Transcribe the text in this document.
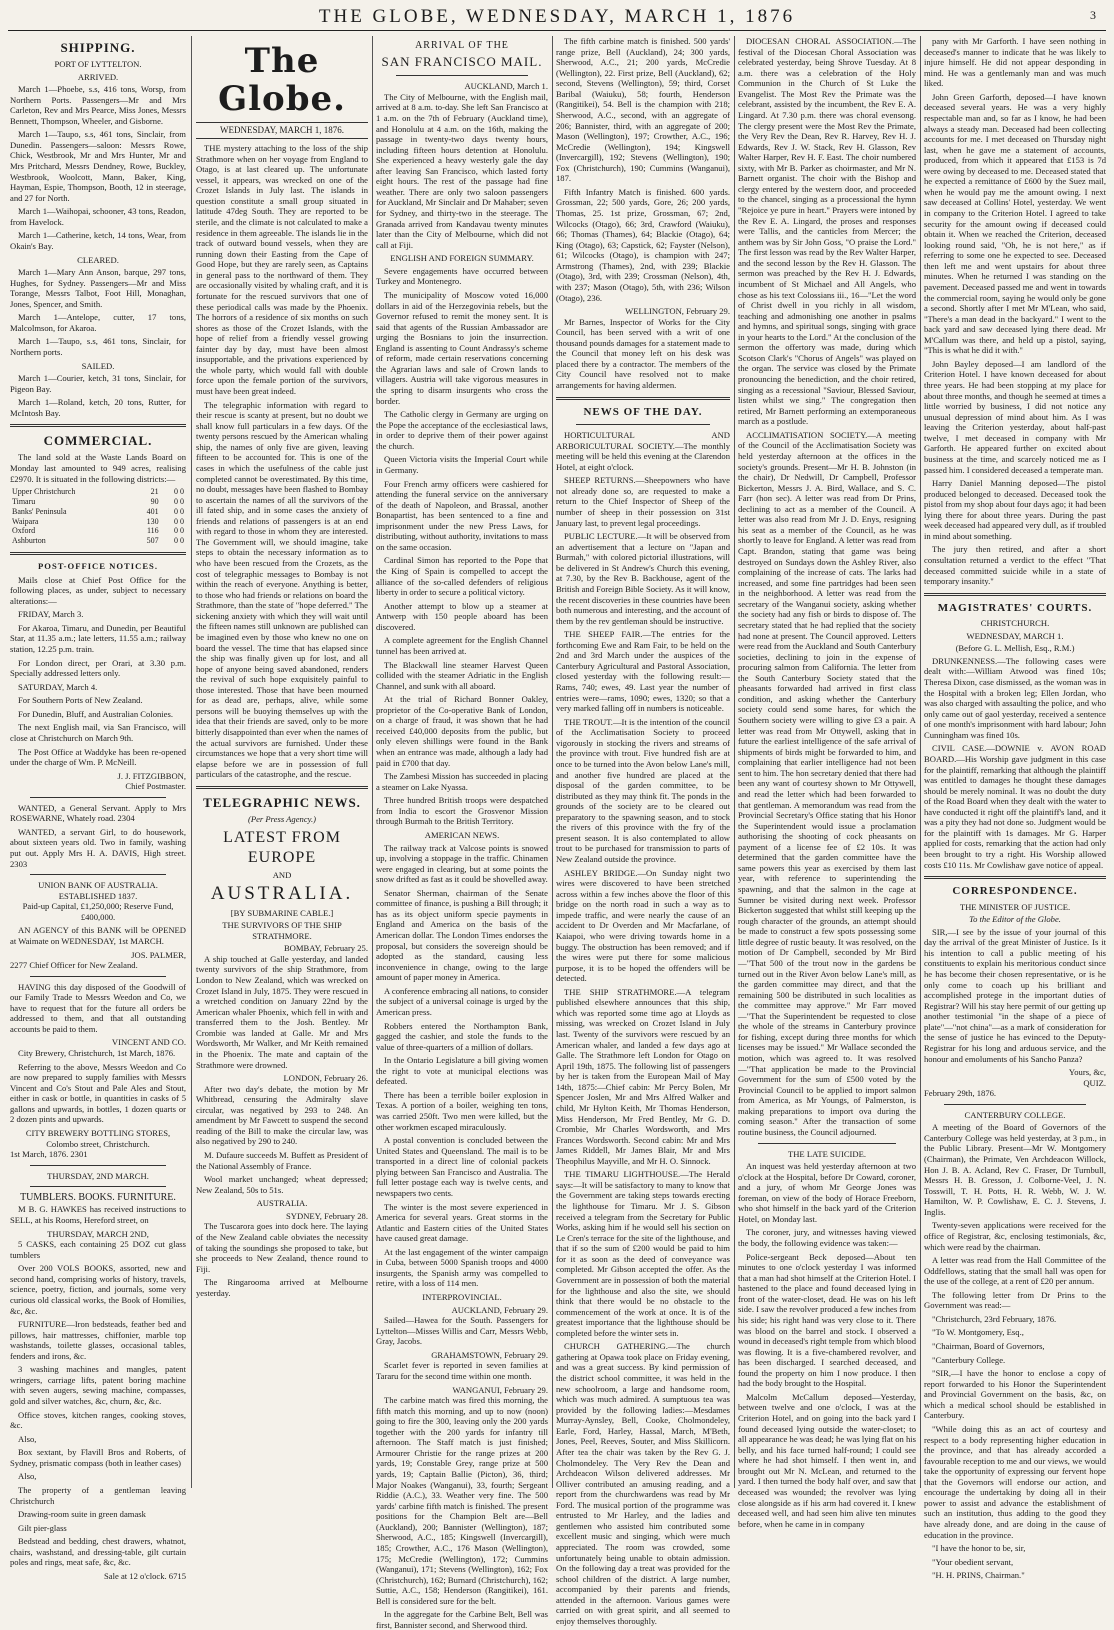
THE GLOBE, WEDNESDAY, MARCH 1, 1876	3
SHIPPING.
PORT OF LYTTELTON.
ARRIVED.

March 1—Phoebe, s.s, 416 tons, Worsp, from Northern Ports. Passengers—Mr and Mrs Carleton, Rev and Mrs Pearce, Miss Jones, Messrs Bennett, Thompson, Wheeler, and Gisborne.

March 1—Taupo, s.s, 461 tons, Sinclair, from Dunedin. Passengers—saloon: Messrs Rowe, Chick, Westbrook, Mr and Mrs Hunter, Mr and Mrs Pritchard, Messrs Dendney, Rowe, Buckley, Westbrook, Woolcott, Mann, Baker, King, Hayman, Espie, Thompson, Booth, 12 in steerage, and 27 for North.

March 1—Waihopai, schooner, 43 tons, Readon, from Havelock.

March 1—Catherine, ketch, 14 tons, Wear, from Okain's Bay.

CLEARED.

March 1—Mary Ann Anson, barque, 297 tons, Hughes, for Sydney. Passengers—Mr and Miss Torange, Messrs Talbot, Foot Hill, Monaghan, Jones, Spencer, and Smith.

March 1—Antelope, cutter, 17 tons, Malcolmson, for Akaroa.

March 1—Taupo, s.s, 461 tons, Sinclair, for Northern ports.

SAILED.

March 1—Courier, ketch, 31 tons, Sinclair, for Pigeon Bay.

March 1—Roland, ketch, 20 tons, Rutter, for McIntosh Bay.

COMMERCIAL.

The land sold at the Waste Lands Board on Monday last amounted to 949 acres, realising £2970. It is situated in the following districts:—

Upper Christchurch	21	0 0
Timaru	90	0 0
Banks' Peninsula	401	0 0
Waipara	130	0 0
Oxford	116	0 0
Ashburton	507	0 0
POST-OFFICE NOTICES.

Mails close at Chief Post Office for the following places, as under, subject to necessary alterations:—

FRIDAY, March 3.

For Akaroa, Timaru, and Dunedin, per Beautiful Star, at 11.35 a.m.; late letters, 11.55 a.m.; railway station, 12.25 p.m. train.

For London direct, per Orari, at 3.30 p.m. Specially addressed letters only.

SATURDAY, March 4.

For Southern Ports of New Zealand.

For Dunedin, Bluff, and Australian Colonies.

The next English mail, via San Francisco, will close at Christchurch on March 9th.

The Post Office at Waddyke has been re-opened under the charge of Wm. P. McNeill.

J. J. FITZGIBBON,
Chief Postmaster.

WANTED, a General Servant. Apply to Mrs ROSEWARNE, Whately road. 2304

WANTED, a servant Girl, to do housework, about sixteen years old. Two in family, washing put out. Apply Mrs H. A. DAVIS, High street. 2303

UNION BANK OF AUSTRALIA.
ESTABLISHED 1837.

Paid-up Capital, £1,250,000; Reserve Fund, £400,000.

AN AGENCY of this BANK will be OPENED at Waimate on WEDNESDAY, 1st MARCH.

JOS. PALMER,
2277 Chief Officer for New Zealand.

HAVING this day disposed of the Goodwill of our Family Trade to Messrs Weedon and Co, we have to request that for the future all orders be addressed to them, and that all outstanding accounts be paid to them.

VINCENT AND CO.

City Brewery, Christchurch, 1st March, 1876.

Referring to the above, Messrs Weedon and Co are now prepared to supply families with Messrs Vincent and Co's Stout and Pale Ales and Stout, either in cask or bottle, in quantities in casks of 5 gallons and upwards, in bottles, 1 dozen quarts or 2 dozen pints and upwards.

CITY BREWERY BOTTLING STORES,
Colombo street, Christchurch.
1st March, 1876. 2301
THURSDAY, 2ND MARCH.
TUMBLERS. BOOKS. FURNITURE.

M B. G. HAWKES has received instructions to SELL, at his Rooms, Hereford street, on

THURSDAY, MARCH 2ND,

5 CASKS, each containing 25 DOZ cut glass tumblers

Over 200 VOLS BOOKS, assorted, new and second hand, comprising works of history, travels, science, poetry, fiction, and journals, some very curious old classical works, the Book of Homilies, &c, &c.

FURNITURE—Iron bedsteads, feather bed and pillows, hair mattresses, chiffonier, marble top washstands, toilette glasses, occasional tables, fenders and irons, &c.

3 washing machines and mangles, patent wringers, carriage lifts, patent boring machine with seven augers, sewing machine, compasses, gold and silver watches, &c, churn, &c, &c.

Office stoves, kitchen ranges, cooking stoves, &c.

Also,

Box sextant, by Flavill Bros and Roberts, of Sydney, prismatic compass (both in leather cases)

Also,

The property of a gentleman leaving Christchurch

Drawing-room suite in green damask

Gilt pier-glass

Bedstead and bedding, chest drawers, whatnot, chairs, washstand, and dressing-table, gilt curtain poles and rings, meat safe, &c, &c.

Sale at 12 o'clock. 6715
The Globe.
WEDNESDAY, MARCH 1, 1876.

THE mystery attaching to the loss of the ship Strathmore when on her voyage from England to Otago, is at last cleared up. The unfortunate vessel, it appears, was wrecked on one of the Crozet Islands in July last. The islands in question constitute a small group situated in latitude 47deg South. They are reported to be sterile, and the climate is not calculated to make a residence in them agreeable. The islands lie in the track of outward bound vessels, when they are running down their Easting from the Cape of Good Hope, but they are rarely seen, as Captains in general pass to the northward of them. They are occasionally visited by whaling craft, and it is fortunate for the rescued survivors that one of these periodical calls was made by the Phoenix. The horrors of a residence of six months on such shores as those of the Crozet Islands, with the hope of relief from a friendly vessel growing fainter day by day, must have been almost insupportable, and the privations experienced by the whole party, which would fall with double force upon the female portion of the survivors, must have been great indeed.

The telegraphic information with regard to their rescue is scanty at present, but no doubt we shall know full particulars in a few days. Of the twenty persons rescued by the American whaling ship, the names of only five are given, leaving fifteen to be accounted for. This is one of the cases in which the usefulness of the cable just completed cannot be overestimated. By this time, no doubt, messages have been flashed to Bombay to ascertain the names of all the survivors of the ill fated ship, and in some cases the anxiety of friends and relations of passengers is at an end with regard to those in whom they are interested. The Government will, we should imagine, take steps to obtain the necessary information as to who have been rescued from the Crozets, as the cost of telegraphic messages to Bombay is not within the reach of everyone. Anything is better, to those who had friends or relations on board the Strathmore, than the state of "hope deferred." The sickening anxiety with which they will wait until the fifteen names still unknown are published can be imagined even by those who knew no one on board the vessel. The time that has elapsed since the ship was finally given up for lost, and all hope of anyone being saved abandoned, renders the revival of such hope exquisitely painful to those interested. Those that have been mourned for as dead are, perhaps, alive, while some persons will be buoying themselves up with the idea that their friends are saved, only to be more bitterly disappointed than ever when the names of the actual survivors are furnished. Under these circumstances we hope that a very short time will elapse before we are in possession of full particulars of the catastrophe, and the rescue.

TELEGRAPHIC NEWS.
(Per Press Agency.)
LATEST FROM EUROPE
AND
AUSTRALIA.
[BY SUBMARINE CABLE.]
THE SURVIVORS OF THE SHIP STRATHMORE.
BOMBAY, February 25.

A ship touched at Galle yesterday, and landed twenty survivors of the ship Strathmore, from London to New Zealand, which was wrecked on Crozet Island in July, 1875. They were rescued in a wretched condition on January 22nd by the American whaler Phoenix, which fell in with and transferred them to the Josh. Bentley. Mr Crombie was landed at Galle. Mr and Mrs Wordsworth, Mr Walker, and Mr Keith remained in the Phoenix. The mate and captain of the Strathmore were drowned.

LONDON, February 26.

After two day's debate, the motion by Mr Whitbread, censuring the Admiralty slave circular, was negatived by 293 to 248. An amendment by Mr Fawcett to suspend the second reading of the Bill to make the circular law, was also negatived by 290 to 240.

M. Dufaure succeeds M. Buffett as President of the National Assembly of France.

Wool market unchanged; wheat depressed; New Zealand, 50s to 51s.

AUSTRALIA.
SYDNEY, February 28.

The Tuscarora goes into dock here. The laying of the New Zealand cable obviates the necessity of taking the soundings she proposed to take, but she proceeds to New Zealand, thence round to Fiji.

The Ringarooma arrived at Melbourne yesterday.

ARRIVAL OF THE
SAN FRANCISCO MAIL.
AUCKLAND, March 1.

The City of Melbourne, with the English mail, arrived at 8 a.m. to-day. She left San Francisco at 1 a.m. on the 7th of February (Auckland time), and Honolulu at 4 a.m. on the 16th, making the passage in twenty-two days twenty hours, including fifteen hours detention at Honolulu. She experienced a heavy westerly gale the day after leaving San Francisco, which lasted forty eight hours. The rest of the passage had fine weather. There are only two saloon passengers for Auckland, Mr Sinclair and Dr Mahaber; seven for Sydney, and thirty-two in the steerage. The Granada arrived from Kandavau twenty minutes later than the City of Melbourne, which did not call at Fiji.

ENGLISH AND FOREIGN SUMMARY.

Severe engagements have occurred between Turkey and Montenegro.

The municipality of Moscow voted 16,000 dollars in aid of the Herzegovinia rebels, but the Governor refused to remit the money sent. It is said that agents of the Russian Ambassador are urging the Bosnians to join the insurrection. England is assenting to Count Andrassy's scheme of reform, made certain reservations concerning the Agrarian laws and sale of Crown lands to villagers. Austria will take vigorous measures in the spring to disarm insurgents who cross the border.

The Catholic clergy in Germany are urging on the Pope the acceptance of the ecclesiastical laws, in order to deprive them of their power against the church.

Queen Victoria visits the Imperial Court while in Germany.

Four French army officers were cashiered for attending the funeral service on the anniversary of the death of Napoleon, and Brassal, another Bonapartist, has been sentenced to a fine and imprisonment under the new Press Laws, for distributing, without authority, invitations to mass on the same occasion.

Cardinal Simon has reported to the Pope that the King of Spain is compelled to accept the alliance of the so-called defenders of religious liberty in order to secure a political victory.

Another attempt to blow up a steamer at Antwerp with 150 people aboard has been discovered.

A complete agreement for the English Channel tunnel has been arrived at.

The Blackwall line steamer Harvest Queen collided with the steamer Adriatic in the English Channel, and sunk with all aboard.

At the trial of Richard Bonner Oakley, proprietor of the Co-operative Bank of London, on a charge of fraud, it was shown that he had received £40,000 deposits from the public, but only eleven shillings were found in the Bank when an entrance was made, although a lady had paid in £700 that day.

The Zambesi Mission has succeeded in placing a steamer on Lake Nyassa.

Three hundred British troops were despatched from India to escort the Grosvenor Mission through Burmah to the British Territory.

AMERICAN NEWS.

The railway track at Valcose points is snowed up, involving a stoppage in the traffic. Chinamen were engaged in clearing, but at some points the snow drifted as fast as it could be shovelled away.

Senator Sherman, chairman of the Senate committee of finance, is pushing a Bill through; it has as its object uniform specie payments in England and America on the basis of the American dollar. The London Times endorses the proposal, but considers the sovereign should be adopted as the standard, causing less inconvenience in change, owing to the large amount of paper money in America.

A conference embracing all nations, to consider the subject of a universal coinage is urged by the American press.

Robbers entered the Northampton Bank, gagged the cashier, and stole the funds to the value of three-quarters of a million of dollars.

In the Ontario Legislature a bill giving women the right to vote at municipal elections was defeated.

There has been a terrible boiler explosion in Texas. A portion of a boiler, weighing ten tons, was carried 250ft. Two men were killed, but the other workmen escaped miraculously.

A postal convention is concluded between the United States and Queensland. The mail is to be transported in a direct line of colonial packets plying between San Francisco and Australia. The full letter postage each way is twelve cents, and newspapers two cents.

The winter is the most severe experienced in America for several years. Great storms in the Atlantic and Eastern cities of the United States have caused great damage.

At the last engagement of the winter campaign in Cuba, between 5000 Spanish troops and 4000 insurgents, the Spanish army was compelled to retire, with a loss of 114 men.

INTERPROVINCIAL.
AUCKLAND, February 29.

Sailed—Hawea for the South. Passengers for Lyttelton—Misses Willis and Carr, Messrs Webb, Gray, Jacobs.

GRAHAMSTOWN, February 29.

Scarlet fever is reported in seven families at Tararu for the second time within one month.

WANGANUI, February 29.

The carbine match was fired this morning, the fifth match this morning, and up to now (noon) going to fire the 300, leaving only the 200 yards together with the 200 yards for infantry till afternoon. The Staff match is just finished; Armourer Christie for the range prizes at 200 yards, 19; Constable Grey, range prize at 500 yards, 19; Captain Ballie (Picton), 36, third; Major Noakes (Wanganui), 33, fourth; Sergeant Riddie (A.C.), 33. Weather very fine. The 500 yards' carbine fifth match is finished. The present positions for the Champion Belt are—Bell (Auckland), 200; Bannister (Wellington), 187; Sherwood, A.C., 185; Kingswell (Invercargill), 185; Crowther, A.C., 176 Mason (Wellington), 175; McCredie (Wellington), 172; Cummins (Wanganui), 171; Stevens (Wellington), 162; Fox (Christchurch), 162; Burnard (Christchurch), 162; Suttie, A.C., 158; Henderson (Rangitikei), 161. Bell is considered sure for the belt.

In the aggregate for the Carbine Belt, Bell was first, Bannister second, and Sherwood third.

The fifth carbine match is finished. 500 yards' range prize, Bell (Auckland), 24; 300 yards, Sherwood, A.C., 21; 200 yards, McCredie (Wellington), 22. First prize, Bell (Auckland), 62; second, Stevens (Wellington), 59; third, Corset Baribal (Waiuku), 58; fourth, Henderson (Rangitikei), 54. Bell is the champion with 218; Sherwood, A.C., second, with an aggregate of 206; Bannister, third, with an aggregate of 200; Mason (Wellington), 197; Crowther, A.C., 196; McCredie (Wellington), 194; Kingswell (Invercargill), 192; Stevens (Wellington), 190; Fox (Christchurch), 190; Cummins (Wanganui), 187.

Fifth Infantry Match is finished. 600 yards. Grossman, 22; 500 yards, Gore, 26; 200 yards, Thomas, 25. 1st prize, Grossman, 67; 2nd, Wilcocks (Otago), 66; 3rd, Crawford (Waiuku), 66; Thomas (Thames), 64; Blackie (Otago), 64; King (Otago), 63; Capstick, 62; Fayster (Nelson), 61; Wilcocks (Otago), is champion with 247; Armstrong (Thames), 2nd, with 239; Blackie (Otago), 3rd, with 239; Crossman (Nelson), 4th, with 237; Mason (Otago), 5th, with 236; Wilson (Otago), 236.

WELLINGTON, February 29.

Mr Barnes, Inspector of Works for the City Council, has been served with a writ of one thousand pounds damages for a statement made to the Council that money left on his desk was placed there by a contractor. The members of the City Council have resolved not to make arrangements for having aldermen.

NEWS OF THE DAY.

HORTICULTURAL AND ARBORICULTURAL SOCIETY.—The monthly meeting will be held this evening at the Clarendon Hotel, at eight o'clock.

SHEEP RETURNS.—Sheepowners who have not already done so, are requested to make a return to the Chief Inspector of Sheep of the number of sheep in their possession on 31st January last, to prevent legal proceedings.

PUBLIC LECTURE.—It will be observed from an advertisement that a lecture on "Japan and Burmah," with colored pictorial illustrations, will be delivered in St Andrew's Church this evening, at 7.30, by the Rev B. Backhouse, agent of the British and Foreign Bible Society. As it will know, the recent discoveries in these countries have been both numerous and interesting, and the account of them by the rev gentleman should be instructive.

THE SHEEP FAIR.—The entries for the forthcoming Ewe and Ram Fair, to be held on the 2nd and 3rd March under the auspices of the Canterbury Agricultural and Pastoral Association, closed yesterday with the following result:—Rams, 740; ewes, 49. Last year the number of entries were—rams, 1090; ewes, 1320; so that a very marked falling off in numbers is noticeable.

THE TROUT.—It is the intention of the council of the Acclimatisation Society to proceed vigorously in stocking the rivers and streams of the province with trout. Five hundred fish are at once to be turned into the Avon below Lane's mill, and another five hundred are placed at the disposal of the garden committee, to be distributed as they may think fit. The ponds in the grounds of the society are to be cleared out preparatory to the spawning season, and to stock the rivers of this province with the fry of the present season. It is also contemplated to allow trout to be purchased for transmission to parts of New Zealand outside the province.

ASHLEY BRIDGE.—On Sunday night two wires were discovered to have been stretched across within a few inches above the floor of this bridge on the north road in such a way as to impede traffic, and were nearly the cause of an accident to Dr Overden and Mr Macfarlane, of Kaiapoi, who were driving towards home in a buggy. The obstruction has been removed; and if the wires were put there for some malicious purpose, it is to be hoped the offenders will be detected.

THE SHIP STRATHMORE.—A telegram published elsewhere announces that this ship, which was reported some time ago at Lloyds as missing, was wrecked on Crozet Island in July last. Twenty of the survivors were rescued by an American whaler, and landed a few days ago at Galle. The Strathmore left London for Otago on April 19th, 1875. The following list of passengers by her is taken from the European Mail of May 14th, 1875:—Chief cabin: Mr Percy Bolen, Mr Spencer Joslen, Mr and Mrs Alfred Walker and child, Mr Hylton Keith, Mr Thomas Henderson, Miss Henderson, Mr Fred Bentley, Mr G. D. Crombie, Mr Charles Wordsworth, and Mrs Frances Wordsworth. Second cabin: Mr and Mrs James Riddell, Mr James Blair, Mr and Mrs Theophilus Mayville, and Mr H. O. Sinnock.

THE TIMARU LIGHTHOUSE.—The Herald says:—It will be satisfactory to many to know that the Government are taking steps towards erecting the lighthouse for Timaru. Mr J. S. Gibson received a telegram from the Secretary for Public Works, asking him if he would sell his section on Le Cren's terrace for the site of the lighthouse, and that if so the sum of £200 would be paid to him for it as soon as the deed of conveyance was completed. Mr Gibson accepted the offer. As the Government are in possession of both the material for the lighthouse and also the site, we should think that there would be no obstacle to the commencement of the work at once. It is of the greatest importance that the lighthouse should be completed before the winter sets in.

CHURCH GATHERING.—The church gathering at Opawa took place on Friday evening, and was a great success. By kind permission of the district school committee, it was held in the new schoolroom, a large and handsome room, which was much admired. A sumptuous tea was provided by the following ladies:—Mesdames Murray-Aynsley, Bell, Cooke, Cholmondeley, Earle, Ford, Harley, Hassal, March, M'Beth, Jones, Peel, Reeves, Souter, and Miss Skillicorn. After tea the chair was taken by the Rev G. J. Cholmondeley. The Very Rev the Dean and Archdeacon Wilson delivered addresses. Mr Olliver contributed an amusing reading, and a report from the churchwardens was read by Mr Ford. The musical portion of the programme was entrusted to Mr Harley, and the ladies and gentlemen who assisted him contributed some excellent music and singing, which were much appreciated. The room was crowded, some unfortunately being unable to obtain admission. On the following day a treat was provided for the school children of the district. A large number, accompanied by their parents and friends, attended in the afternoon. Various games were carried on with great spirit, and all seemed to enjoy themselves thoroughly.

DIOCESAN CHORAL ASSOCIATION.—The festival of the Diocesan Choral Association was celebrated yesterday, being Shrove Tuesday. At 8 a.m. there was a celebration of the Holy Communion in the Church of St Luke the Evangelist. The Most Rev the Primate was the celebrant, assisted by the incumbent, the Rev E. A. Lingard. At 7.30 p.m. there was choral evensong. The clergy present were the Most Rev the Primate, the Very Rev the Dean, Rev R. Harvey, Rev H. J. Edwards, Rev J. W. Stack, Rev H. Glasson, Rev Walter Harper, Rev H. F. East. The choir numbered sixty, with Mr B. Parker as choirmaster, and Mr N. Barnett organist. The choir with the Bishop and clergy entered by the western door, and proceeded to the chancel, singing as a processional the hymn "Rejoice ye pure in heart." Prayers were intoned by the Rev E. A. Lingard, the proses and responses were Tallis, and the canticles from Mercer; the anthem was by Sir John Goss, "O praise the Lord." The first lesson was read by the Rev Walter Harper, and the second lesson by the Rev H. Glasson. The sermon was preached by the Rev H. J. Edwards, incumbent of St Michael and All Angels, who chose as his text Colossians iii., 16—"Let the word of Christ dwell in you richly in all wisdom, teaching and admonishing one another in psalms and hymns, and spiritual songs, singing with grace in your hearts to the Lord." At the conclusion of the sermon the offertory was made, during which Scotson Clark's "Chorus of Angels" was played on the organ. The service was closed by the Primate pronouncing the benediction, and the choir retired, singing as a recessional "Saviour, Blessed Saviour, listen whilst we sing." The congregation then retired, Mr Barnett performing an extemporaneous march as a postlude.

ACCLIMATISATION SOCIETY.—A meeting of the Council of the Acclimatisation Society was held yesterday afternoon at the offices in the society's grounds. Present—Mr H. B. Johnston (in the chair), Dr Nedwill, Dr Campbell, Professor Bickerton, Messrs J. A. Bird, Wallace, and S. C. Farr (hon sec). A letter was read from Dr Prins, declining to act as a member of the Council. A letter was also read from Mr J. D. Enys, resigning his seat as a member of the Council, as he was shortly to leave for England. A letter was read from Capt. Brandon, stating that game was being destroyed on Sundays down the Ashley River, also complaining of the increase of cats. The larks had increased, and some fine partridges had been seen in the neighborhood. A letter was read from the secretary of the Wanganui society, asking whether the society had any fish or birds to dispose of. The secretary stated that he had replied that the society had none at present. The Council approved. Letters were read from the Auckland and South Canterbury societies, declining to join in the expense of procuring salmon from California. The letter from the South Canterbury Society stated that the pheasants forwarded had arrived in first class condition, and asking whether the Canterbury society could send some hares, for which the Southern society were willing to give £3 a pair. A letter was read from Mr Ottywell, asking that in future the earliest intelligence of the safe arrival of shipments of birds might be forwarded to him, and complaining that earlier intelligence had not been sent to him. The hon secretary denied that there had been any want of courtesy shown to Mr Ottywell, and read the letter which had been forwarded to that gentleman. A memorandum was read from the Provincial Secretary's Office stating that his Honor the Superintendent would issue a proclamation authorising the shooting of cock pheasants on payment of a license fee of £2 10s. It was determined that the garden committee have the same powers this year as exercised by them last year, with reference to superintending the spawning, and that the salmon in the cage at Sumner be visited during next week. Professor Bickerton suggested that whilst still keeping up the rough character of the grounds, an attempt should be made to construct a few spots possessing some little degree of rustic beauty. It was resolved, on the motion of Dr Campbell, seconded by Mr Bird—"That 500 of the trout now in the gardens be turned out in the River Avon below Lane's mill, as the garden committee may direct, and that the remaining 500 be distributed in such localities as the committee may approve." Mr Farr moved—"That the Superintendent be requested to close the whole of the streams in Canterbury province for fishing, except during three months for which licenses may be issued." Mr Wallace seconded the motion, which was agreed to. It was resolved—"That application be made to the Provincial Government for the sum of £500 voted by the Provincial Council to be applied to import salmon from America, as Mr Youngs, of Palmerston, is making preparations to import ova during the coming season." After the transaction of some routine business, the Council adjourned.

THE LATE SUICIDE.

An inquest was held yesterday afternoon at two o'clock at the Hospital, before Dr Coward, coroner, and a jury, of whom Mr George Jones was foreman, on view of the body of Horace Freeborn, who shot himself in the back yard of the Criterion Hotel, on Monday last.

The coroner, jury, and witnesses having viewed the body, the following evidence was taken:—

Police-sergeant Beck deposed—About ten minutes to one o'clock yesterday I was informed that a man had shot himself at the Criterion Hotel. I hastened to the place and found deceased lying in front of the water-closet, dead. He was on his left side. I saw the revolver produced a few inches from his side; his right hand was very close to it. There was blood on the barrel and stock. I observed a wound in deceased's right temple from which blood was flowing. It is a five-chambered revolver, and has been discharged. I searched deceased, and found the property on him I now produce. I then had the body brought to the Hospital.

Malcolm McCallum deposed—Yesterday, between twelve and one o'clock, I was at the Criterion Hotel, and on going into the back yard I found deceased lying outside the water-closet; to all appearance he was dead; he was lying flat on his belly, and his face turned half-round; I could see where he had shot himself. I then went in, and brought out Mr N. McLean, and returned to the yard. I then turned the body half over, and saw that deceased was wounded; the revolver was lying close alongside as if his arm had covered it. I knew deceased well, and had seen him alive ten minutes before, when he came in in company

pany with Mr Garforth. I have seen nothing in deceased's manner to indicate that he was likely to injure himself. He did not appear desponding in mind. He was a gentlemanly man and was much liked.

John Green Garforth, deposed—I have known deceased several years. He was a very highly respectable man and, so far as I know, he had been always a steady man. Deceased had been collecting accounts for me. I met deceased on Thursday night last, when he gave me a statement of accounts, produced, from which it appeared that £153 is 7d were owing by deceased to me. Deceased stated that he expected a remittance of £600 by the Suez mail, when he would pay me the amount owing. I next saw deceased at Collins' Hotel, yesterday. We went in company to the Criterion Hotel. I agreed to take security for the amount owing if deceased could obtain it. When we reached the Criterion, deceased looking round said, "Oh, he is not here," as if referring to some one he expected to see. Deceased then left me and went upstairs for about three minutes. When he returned I was standing on the pavement. Deceased passed me and went in towards the commercial room, saying he would only be gone a second. Shortly after I met Mr M'Lean, who said, "There's a man dead in the backyard." I went to the back yard and saw deceased lying there dead. Mr M'Callum was there, and held up a pistol, saying, "This is what he did it with."

John Bayley deposed—I am landlord of the Criterion Hotel. I have known deceased for about three years. He had been stopping at my place for about three months, and though he seemed at times a little worried by business, I did not notice any unusual depression of mind about him. As I was leaving the Criterion yesterday, about half-past twelve, I met deceased in company with Mr Garforth. He appeared further on excited about business at the time, and scarcely noticed me as I passed him. I considered deceased a temperate man.

Harry Daniel Manning deposed—The pistol produced belonged to deceased. Deceased took the pistol from my shop about four days ago; it had been lying there for about three years. During the past week deceased had appeared very dull, as if troubled in mind about something.

The jury then retired, and after a short consultation returned a verdict to the effect "That deceased committed suicide while in a state of temporary insanity."

MAGISTRATES' COURTS.
CHRISTCHURCH.
WEDNESDAY, MARCH 1.
(Before G. L. Mellish, Esq., R.M.)

DRUNKENNESS.—The following cases were dealt with:—William Atwood was fined 10s; Theresa Dixon, case dismissed, as the woman was in the Hospital with a broken leg; Ellen Jordan, who was also charged with assaulting the police, and who only came out of gaol yesterday, received a sentence of one month's imprisonment with hard labour; John Cunningham was fined 10s.

CIVIL CASE.—DOWNIE v. AVON ROAD BOARD.—His Worship gave judgment in this case for the plaintiff, remarking that although the plaintiff was entitled to damages he thought these damages should be merely nominal. It was no doubt the duty of the Road Board when they dealt with the water to have conducted it right off the plaintiff's land, and it was a pity they had not done so. Judgment would be for the plaintiff with 1s damages. Mr G. Harper applied for costs, remarking that the action had only been brought to try a right. His Worship allowed costs £10 11s. Mr Cowlishaw gave notice of appeal.

CORRESPONDENCE.
THE MINISTER OF JUSTICE.
To the Editor of the Globe.

SIR,—I see by the issue of your journal of this day the arrival of the great Minister of Justice. Is it his intention to call a public meeting of his constituents to explain his meritorious conduct since he has become their chosen representative, or is he only come to coach up his brilliant and accomplished protege in the important duties of Registrar? Will his stay here permit of our getting up another testimonial "in the shape of a piece of plate"—"not china"—as a mark of consideration for the sense of justice he has evinced to the Deputy-Registrar for his long and arduous service, and the honour and emoluments of his Sancho Panza?

Yours, &c,
QUIZ.
February 29th, 1876.
CANTERBURY COLLEGE.

A meeting of the Board of Governors of the Canterbury College was held yesterday, at 3 p.m., in the Public Library. Present—Mr W. Montgomery (Chairman), the Primate, Ven Archdeacon Willock, Hon J. B. A. Acland, Rev C. Fraser, Dr Turnbull, Messrs H. B. Gresson, J. Colborne-Veel, J. N. Tosswill, T. H. Potts, H. R. Webb, W. J. W. Hamilton, W. P. Cowlishaw, E. C. J. Stevens, J. Inglis.

Twenty-seven applications were received for the office of Registrar, &c, enclosing testimonials, &c, which were read by the chairman.

A letter was read from the Hall Committee of the Oddfellows, stating that the small hall was open for the use of the college, at a rent of £20 per annum.

The following letter from Dr Prins to the Government was read:—

"Christchurch, 23rd February, 1876.

"To W. Montgomery, Esq.,

"Chairman, Board of Governors,

"Canterbury College.

"SIR,—I have the honor to enclose a copy of report forwarded to his Honor the Superintendent and Provincial Government on the basis, &c, on which a medical school should be established in Canterbury.

"While doing this as an act of courtesy and respect to a body representing higher education in the province, and that has already accorded a favourable reception to me and our views, we would take the opportunity of expressing our fervent hope that the Governors will endorse our action, and encourage the undertaking by doing all in their power to assist and advance the establishment of such an institution, thus adding to the good they have already done, and are doing in the cause of education in the province.

"I have the honor to be, sir,

"Your obedient servant,

"H. H. PRINS, Chairman."
